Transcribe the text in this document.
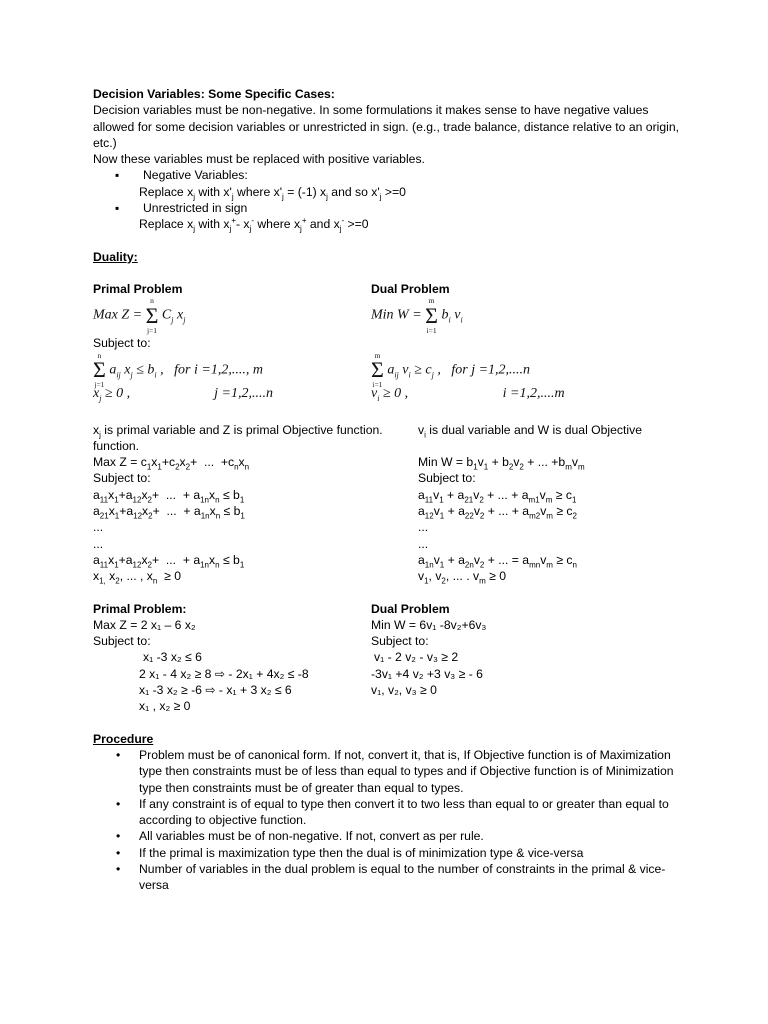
Decision Variables: Some Specific Cases:

Decision variables must be non-negative. In some formulations it makes sense to have negative values allowed for some decision variables or unrestricted in sign. (e.g., trade balance, distance relative to an origin, etc.)

Now these variables must be replaced with positive variables.

▪ Negative Variables:

Replace $x_j$ with $x'_j$ where $x'_j = (-1)$ $x_j$ and so $x'_j >=0$

▪ Unrestricted in sign

Replace $x_j$ with $x_j^+-$ $x_j^-$ where $x_j^+$ and $x_j^- >=0$

Duality:

Primal Problem	Dual Problem

Max Z =
n
Σ
j=1
$C_j$ $x_j$	Min W =
m
Σ
i=1
$b_i$ $v_i$

Subject to:

n
Σ
j=1
$a_{ij}$ $x_j \le b_i$ ,   for i =1,2,...., m
m
Σ
i=1
$a_{ij}$ $v_i \ge c_j$ ,   for j =1,2,....n
$x_j \ge 0$ ,                        j =1,2,....n	$v_i \ge 0$ ,                           i =1,2,....m

$x_j$ is primal variable and Z is primal Objective function.	$v_i$ is dual variable and W is dual Objective

function.

Max $Z = c_1x_1+c_2x_2+$  ...  $+c_nx_n$

Subject to:

$a_{11}x_1+a_{12}x_2+$  ...  + $a_{1n}x_n \le b_1$

$a_{21}x_1+a_{12}x_2+$  ...  + $a_{1n}x_n \le b_1$

...

...

$a_{11}x_1+a_{12}x_2+$  ...  + $a_{1n}x_n \le b_1$

$x_{1,}$ $x_2$, ... , $x_n \ge 0$

Min $W = b_1v_1 + b_2v_2$ + ... $+b_mv_m$

Subject to:

$a_{11}v_1 + a_{21}v_2$ + ... + $a_{m1}v_m \ge c_1$

$a_{12}v_1 + a_{22}v_2$ + ... + $a_{m2}v_m \ge c_2$

...

...

$a_{1n}v_1 + a_{2n}v_2$ + ... = $a_{mn}v_m \ge c_n$

$v_1$, $v_2$, ... . $v_m \ge 0$

Primal Problem:

Max Z = 2 x₁ – 6 x₂

Subject to:

x₁ -3 x₂ ≤ 6

2 x₁ - 4 x₂ ≥ 8 ⇨ - 2x₁ + 4x₂ ≤ -8

x₁ -3 x₂ ≥ -6 ⇨ - x₁ + 3 x₂ ≤ 6

x₁ , x₂ ≥ 0

Dual Problem

Min W = 6v₁ -8v₂+6v₃

Subject to:

v₁ - 2 v₂ - v₃ ≥ 2

-3v₁ +4 v₂ +3 v₃ ≥ - 6

v₁, v₂, v₃ ≥ 0

Procedure

• Problem must be of canonical form. If not, convert it, that is, If Objective function is of Maximization type then constraints must be of less than equal to types and if Objective function is of Minimization type then constraints must be of greater than equal to types.
• If any constraint is of equal to type then convert it to two less than equal to or greater than equal to according to objective function.
• All variables must be of non-negative. If not, convert as per rule.
• If the primal is maximization type then the dual is of minimization type & vice-versa
• Number of variables in the dual problem is equal to the number of constraints in the primal & vice-versa
